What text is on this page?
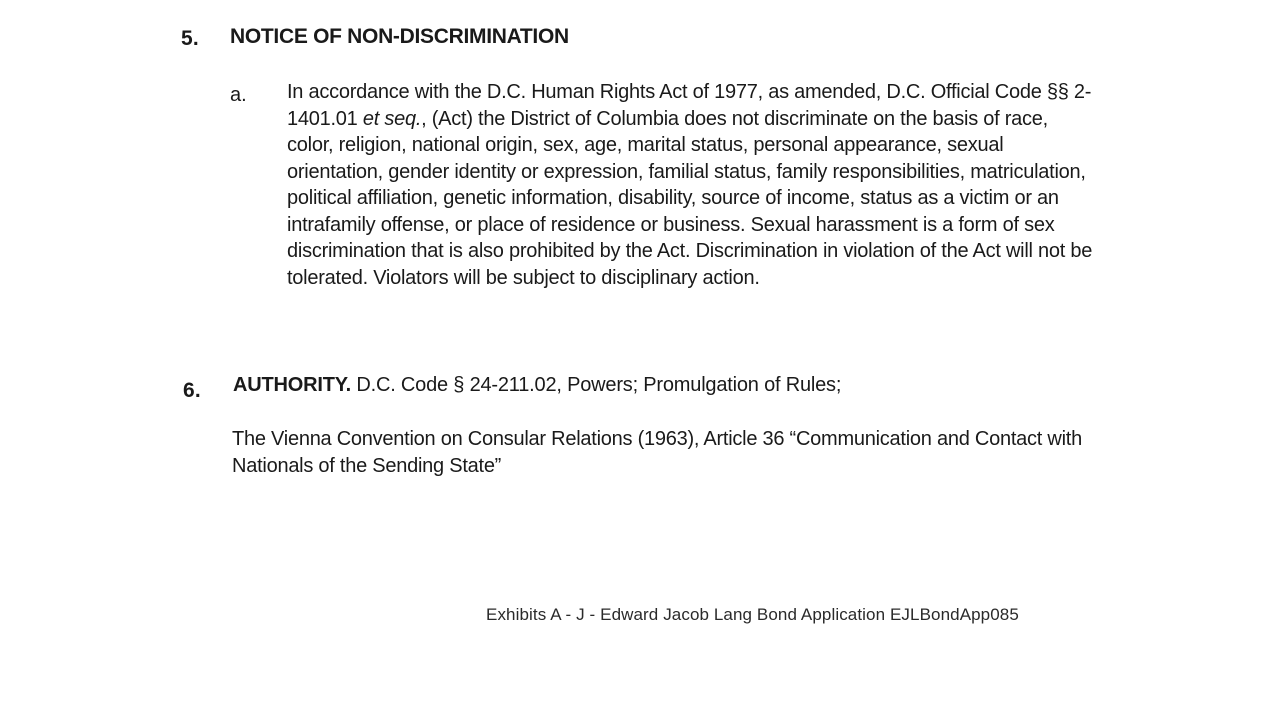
5. NOTICE OF NON-DISCRIMINATION
a. In accordance with the D.C. Human Rights Act of 1977, as amended, D.C. Official Code §§ 2-1401.01 et seq., (Act) the District of Columbia does not discriminate on the basis of race, color, religion, national origin, sex, age, marital status, personal appearance, sexual orientation, gender identity or expression, familial status, family responsibilities, matriculation, political affiliation, genetic information, disability, source of income, status as a victim or an intrafamily offense, or place of residence or business. Sexual harassment is a form of sex discrimination that is also prohibited by the Act. Discrimination in violation of the Act will not be tolerated. Violators will be subject to disciplinary action.

6. AUTHORITY. D.C. Code § 24-211.02, Powers; Promulgation of Rules;

The Vienna Convention on Consular Relations (1963), Article 36 “Communication and Contact with Nationals of the Sending State”

Exhibits A - J - Edward Jacob Lang Bond Application EJLBondApp085
